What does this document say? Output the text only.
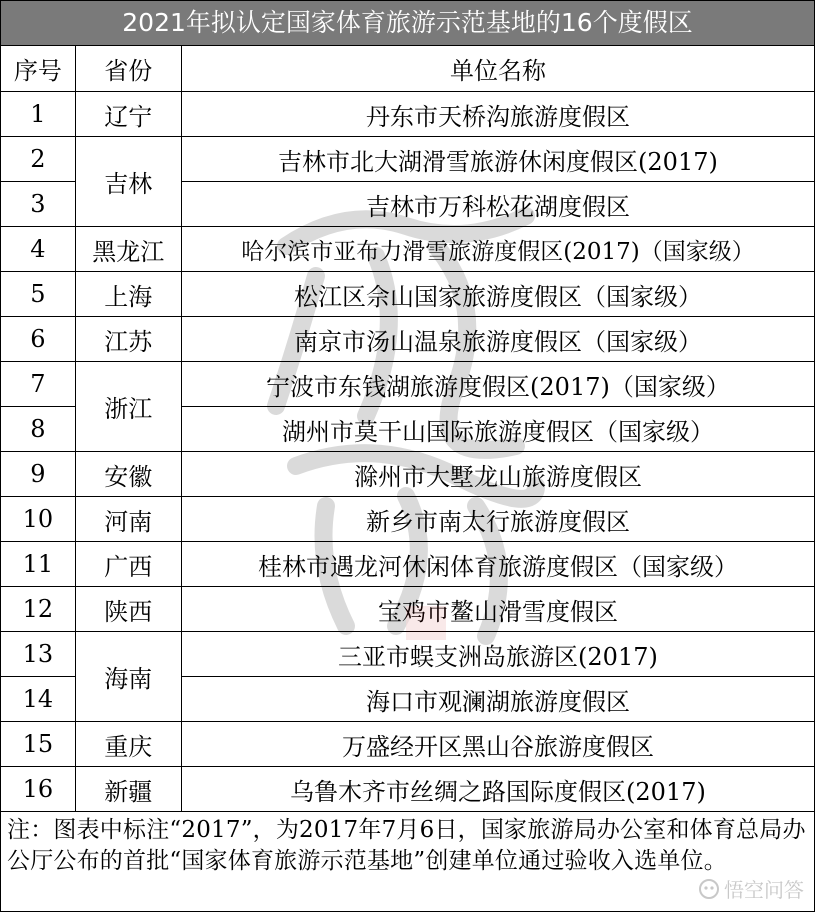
2021年拟认定国家体育旅游示范基地的16个度假区
序号	省份	单位名称
1	辽宁	丹东市天桥沟旅游度假区
2	吉林	吉林市北大湖滑雪旅游休闲度假区(2017)
3		吉林市万科松花湖度假区
4	黑龙江	哈尔滨市亚布力滑雪旅游度假区(2017)（国家级）
5	上海	松江区佘山国家旅游度假区（国家级）
6	江苏	南京市汤山温泉旅游度假区（国家级）
7	浙江	宁波市东钱湖旅游度假区(2017)（国家级）
8		湖州市莫干山国际旅游度假区（国家级）
9	安徽	滁州市大墅龙山旅游度假区
10	河南	新乡市南太行旅游度假区
11	广西	桂林市遇龙河休闲体育旅游度假区（国家级）
12	陕西	宝鸡市鳌山滑雪度假区
13	海南	三亚市蜈支洲岛旅游区(2017)
14		海口市观澜湖旅游度假区
15	重庆	万盛经开区黑山谷旅游度假区
16	新疆	乌鲁木齐市丝绸之路国际度假区(2017)
注：图表中标注“2017”，为2017年7月6日，国家旅游局办公室和体育总局办公厅公布的首批“国家体育旅游示范基地”创建单位通过验收入选单位。
悟空问答
